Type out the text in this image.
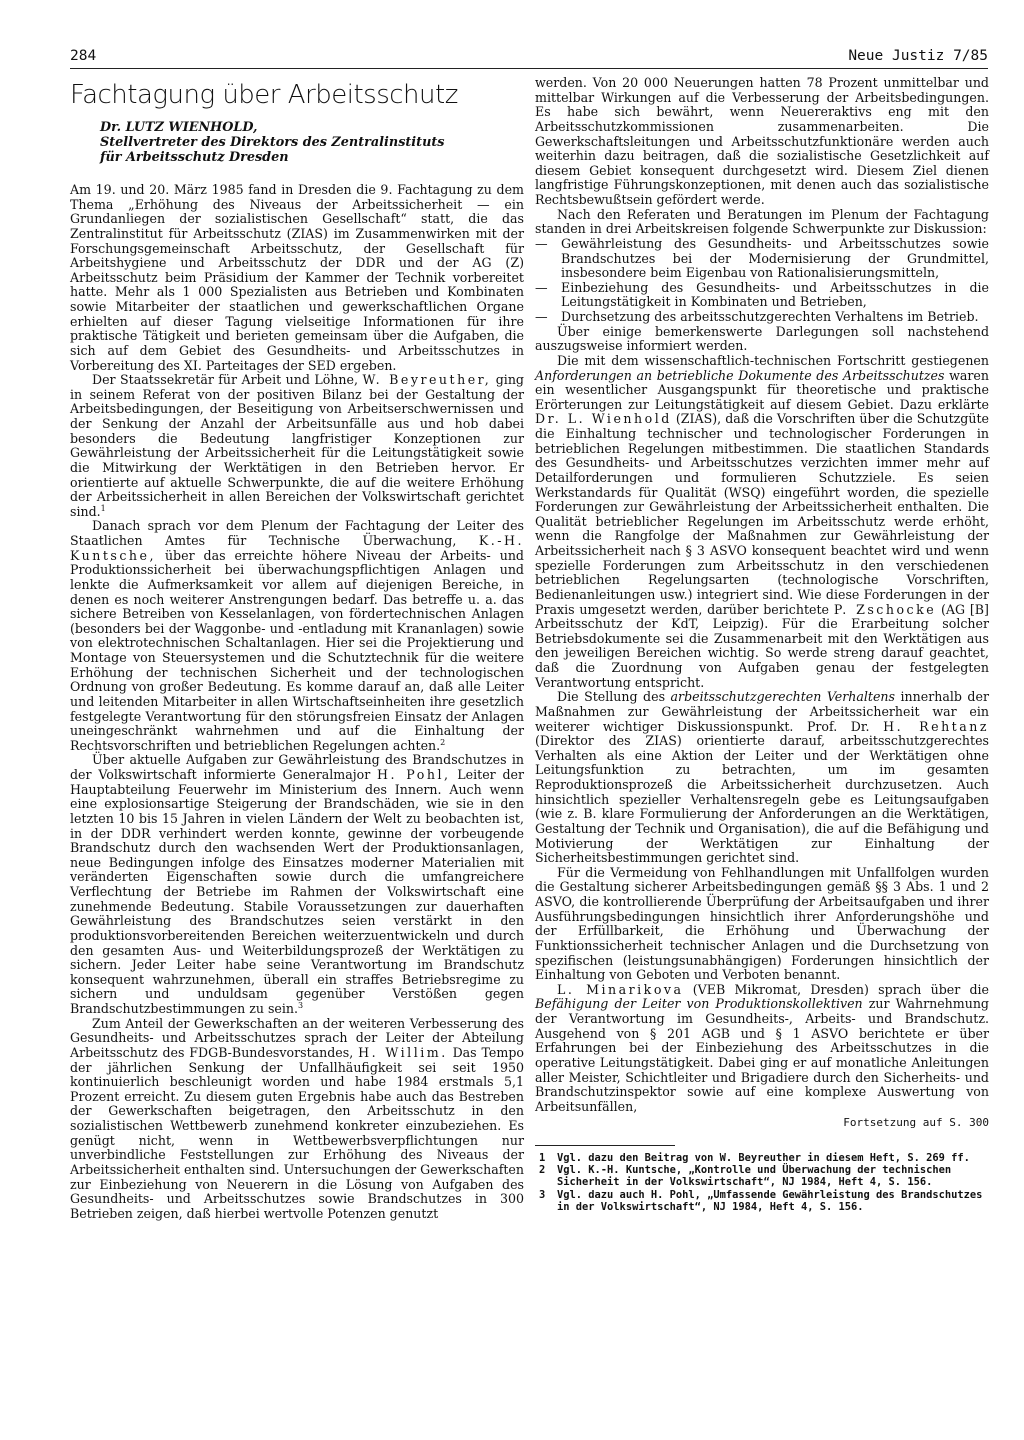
284	Neue Justiz 7/85
Fachtagung über Arbeitsschutz
Dr. LUTZ WIENHOLD,
Stellvertreter des Direktors des Zentralinstituts
für Arbeitsschutz Dresden

Am 19. und 20. März 1985 fand in Dresden die 9. Fachtagung zu dem Thema „Erhöhung des Niveaus der Arbeitssicherheit — ein Grundanliegen der sozialistischen Gesellschaft“ statt, die das Zentralinstitut für Arbeitsschutz (ZIAS) im Zusammenwirken mit der Forschungsgemeinschaft Arbeitsschutz, der Gesellschaft für Arbeitshygiene und Arbeitsschutz der DDR und der AG (Z) Arbeitsschutz beim Präsidium der Kammer der Technik vorbereitet hatte. Mehr als 1 000 Spezialisten aus Betrieben und Kombinaten sowie Mitarbeiter der staatlichen und gewerkschaftlichen Organe erhielten auf dieser Tagung vielseitige Informationen für ihre praktische Tätigkeit und berieten gemeinsam über die Aufgaben, die sich auf dem Gebiet des Gesundheits- und Arbeitsschutzes in Vorbereitung des XI. Parteitages der SED ergeben.

Der Staatssekretär für Arbeit und Löhne, W. Beyreuther, ging in seinem Referat von der positiven Bilanz bei der Gestaltung der Arbeitsbedingungen, der Beseitigung von Arbeitserschwernissen und der Senkung der Anzahl der Arbeitsunfälle aus und hob dabei besonders die Bedeutung langfristiger Konzeptionen zur Gewährleistung der Arbeitssicherheit für die Leitungstätigkeit sowie die Mitwirkung der Werktätigen in den Betrieben hervor. Er orientierte auf aktuelle Schwerpunkte, die auf die weitere Erhöhung der Arbeitssicherheit in allen Bereichen der Volkswirtschaft gerichtet sind.$^1$

Danach sprach vor dem Plenum der Fachtagung der Leiter des Staatlichen Amtes für Technische Überwachung, K.-H. Kuntsche, über das erreichte höhere Niveau der Arbeits- und Produktionssicherheit bei überwachungspflichtigen Anlagen und lenkte die Aufmerksamkeit vor allem auf diejenigen Bereiche, in denen es noch weiterer Anstrengungen bedarf. Das betreffe u. a. das sichere Betreiben von Kesselanlagen, von fördertechnischen Anlagen (besonders bei der Waggonbe- und -entladung mit Krananlagen) sowie von elektrotechnischen Schaltanlagen. Hier sei die Projektierung und Montage von Steuersystemen und die Schutztechnik für die weitere Erhöhung der technischen Sicherheit und der technologischen Ordnung von großer Bedeutung. Es komme darauf an, daß alle Leiter und leitenden Mitarbeiter in allen Wirtschaftseinheiten ihre gesetzlich festgelegte Verantwortung für den störungsfreien Einsatz der Anlagen uneingeschränkt wahrnehmen und auf die Einhaltung der Rechtsvorschriften und betrieblichen Regelungen achten.$^2$

Über aktuelle Aufgaben zur Gewährleistung des Brandschutzes in der Volkswirtschaft informierte Generalmajor H. Pohl, Leiter der Hauptabteilung Feuerwehr im Ministerium des Innern. Auch wenn eine explosionsartige Steigerung der Brandschäden, wie sie in den letzten 10 bis 15 Jahren in vielen Ländern der Welt zu beobachten ist, in der DDR verhindert werden konnte, gewinne der vorbeugende Brandschutz durch den wachsenden Wert der Produktionsanlagen, neue Bedingungen infolge des Einsatzes moderner Materialien mit veränderten Eigenschaften sowie durch die umfangreichere Verflechtung der Betriebe im Rahmen der Volkswirtschaft eine zunehmende Bedeutung. Stabile Voraussetzungen zur dauerhaften Gewährleistung des Brandschutzes seien verstärkt in den produktionsvorbereitenden Bereichen weiterzuentwickeln und durch den gesamten Aus- und Weiterbildungsprozeß der Werktätigen zu sichern. Jeder Leiter habe seine Verantwortung im Brandschutz konsequent wahrzunehmen, überall ein straffes Betriebsregime zu sichern und unduldsam gegenüber Verstößen gegen Brandschutzbestimmungen zu sein.$^3$

Zum Anteil der Gewerkschaften an der weiteren Verbesserung des Gesundheits- und Arbeitsschutzes sprach der Leiter der Abteilung Arbeitsschutz des FDGB-Bundesvorstandes, H. Willim. Das Tempo der jährlichen Senkung der Unfallhäufigkeit sei seit 1950 kontinuierlich beschleunigt worden und habe 1984 erstmals 5,1 Prozent erreicht. Zu diesem guten Ergebnis habe auch das Bestreben der Gewerkschaften beigetragen, den Arbeitsschutz in den sozialistischen Wettbewerb zunehmend konkreter einzubeziehen. Es genügt nicht, wenn in Wettbewerbsverpflichtungen nur unverbindliche Feststellungen zur Erhöhung des Niveaus der Arbeitssicherheit enthalten sind. Untersuchungen der Gewerkschaften zur Einbeziehung von Neuerern in die Lösung von Aufgaben des Gesundheits- und Arbeitsschutzes sowie Brandschutzes in 300 Betrieben zeigen, daß hierbei wertvolle Potenzen genutzt

werden. Von 20 000 Neuerungen hatten 78 Prozent unmittelbar und mittelbar Wirkungen auf die Verbesserung der Arbeitsbedingungen. Es habe sich bewährt, wenn Neuereraktivs eng mit den Arbeitsschutzkommissionen zusammenarbeiten. Die Gewerkschaftsleitungen und Arbeitsschutzfunktionäre werden auch weiterhin dazu beitragen, daß die sozialistische Gesetzlichkeit auf diesem Gebiet konsequent durchgesetzt wird. Diesem Ziel dienen langfristige Führungskonzeptionen, mit denen auch das sozialistische Rechtsbewußtsein gefördert werde.

Nach den Referaten und Beratungen im Plenum der Fachtagung standen in drei Arbeitskreisen folgende Schwerpunkte zur Diskussion:

— Gewährleistung des Gesundheits- und Arbeitsschutzes sowie Brandschutzes bei der Modernisierung der Grundmittel, insbesondere beim Eigenbau von Rationalisierungsmitteln,
— Einbeziehung des Gesundheits- und Arbeitsschutzes in die Leitungstätigkeit in Kombinaten und Betrieben,
— Durchsetzung des arbeitsschutzgerechten Verhaltens im Betrieb.

Über einige bemerkenswerte Darlegungen soll nachstehend auszugsweise informiert werden.

Die mit dem wissenschaftlich-technischen Fortschritt gestiegenen Anforderungen an betriebliche Dokumente des Arbeitsschutzes waren ein wesentlicher Ausgangspunkt für theoretische und praktische Erörterungen zur Leitungstätigkeit auf diesem Gebiet. Dazu erklärte Dr. L. Wienhold (ZIAS), daß die Vorschriften über die Schutzgüte die Einhaltung technischer und technologischer Forderungen in betrieblichen Regelungen mitbestimmen. Die staatlichen Standards des Gesundheits- und Arbeitsschutzes verzichten immer mehr auf Detailforderungen und formulieren Schutzziele. Es seien Werkstandards für Qualität (WSQ) eingeführt worden, die spezielle Forderungen zur Gewährleistung der Arbeitssicherheit enthalten. Die Qualität betrieblicher Regelungen im Arbeitsschutz werde erhöht, wenn die Rangfolge der Maßnahmen zur Gewährleistung der Arbeitssicherheit nach § 3 ASVO konsequent beachtet wird und wenn spezielle Forderungen zum Arbeitsschutz in den verschiedenen betrieblichen Regelungsarten (technologische Vorschriften, Bedienanleitungen usw.) integriert sind. Wie diese Forderungen in der Praxis umgesetzt werden, darüber berichtete P. Zschocke (AG [B] Arbeitsschutz der KdT, Leipzig). Für die Erarbeitung solcher Betriebsdokumente sei die Zusammenarbeit mit den Werktätigen aus den jeweiligen Bereichen wichtig. So werde streng darauf geachtet, daß die Zuordnung von Aufgaben genau der festgelegten Verantwortung entspricht.

Die Stellung des arbeitsschutzgerechten Verhaltens innerhalb der Maßnahmen zur Gewährleistung der Arbeitssicherheit war ein weiterer wichtiger Diskussionspunkt. Prof. Dr. H. Rehtanz (Direktor des ZIAS) orientierte darauf, arbeitsschutzgerechtes Verhalten als eine Aktion der Leiter und der Werktätigen ohne Leitungsfunktion zu betrachten, um im gesamten Reproduktionsprozeß die Arbeitssicherheit durchzusetzen. Auch hinsichtlich spezieller Verhaltensregeln gebe es Leitungsaufgaben (wie z. B. klare Formulierung der Anforderungen an die Werktätigen, Gestaltung der Technik und Organisation), die auf die Befähigung und Motivierung der Werktätigen zur Einhaltung der Sicherheitsbestimmungen gerichtet sind.

Für die Vermeidung von Fehlhandlungen mit Unfallfolgen wurden die Gestaltung sicherer Arbeitsbedingungen gemäß §§ 3 Abs. 1 und 2 ASVO, die kontrollierende Überprüfung der Arbeitsaufgaben und ihrer Ausführungsbedingungen hinsichtlich ihrer Anforderungshöhe und der Erfüllbarkeit, die Erhöhung und Überwachung der Funktionssicherheit technischer Anlagen und die Durchsetzung von spezifischen (leistungsunabhängigen) Forderungen hinsichtlich der Einhaltung von Geboten und Verboten benannt.

L. Minarikova (VEB Mikromat, Dresden) sprach über die Befähigung der Leiter von Produktionskollektiven zur Wahrnehmung der Verantwortung im Gesundheits-, Arbeits- und Brandschutz. Ausgehend von § 201 AGB und § 1 ASVO berichtete er über Erfahrungen bei der Einbeziehung des Arbeitsschutzes in die operative Leitungstätigkeit. Dabei ging er auf monatliche Anleitungen aller Meister, Schichtleiter und Brigadiere durch den Sicherheits- und Brandschutzinspektor sowie auf eine komplexe Auswertung von Arbeitsunfällen,

Fortsetzung auf S. 300
1 Vgl. dazu den Beitrag von W. Beyreuther in diesem Heft, S. 269 ff.
2 Vgl. K.-H. Kuntsche, „Kontrolle und Überwachung der technischen Sicherheit in der Volkswirtschaft“, NJ 1984, Heft 4, S. 156.
3 Vgl. dazu auch H. Pohl, „Umfassende Gewährleistung des Brandschutzes in der Volkswirtschaft“, NJ 1984, Heft 4, S. 156.
